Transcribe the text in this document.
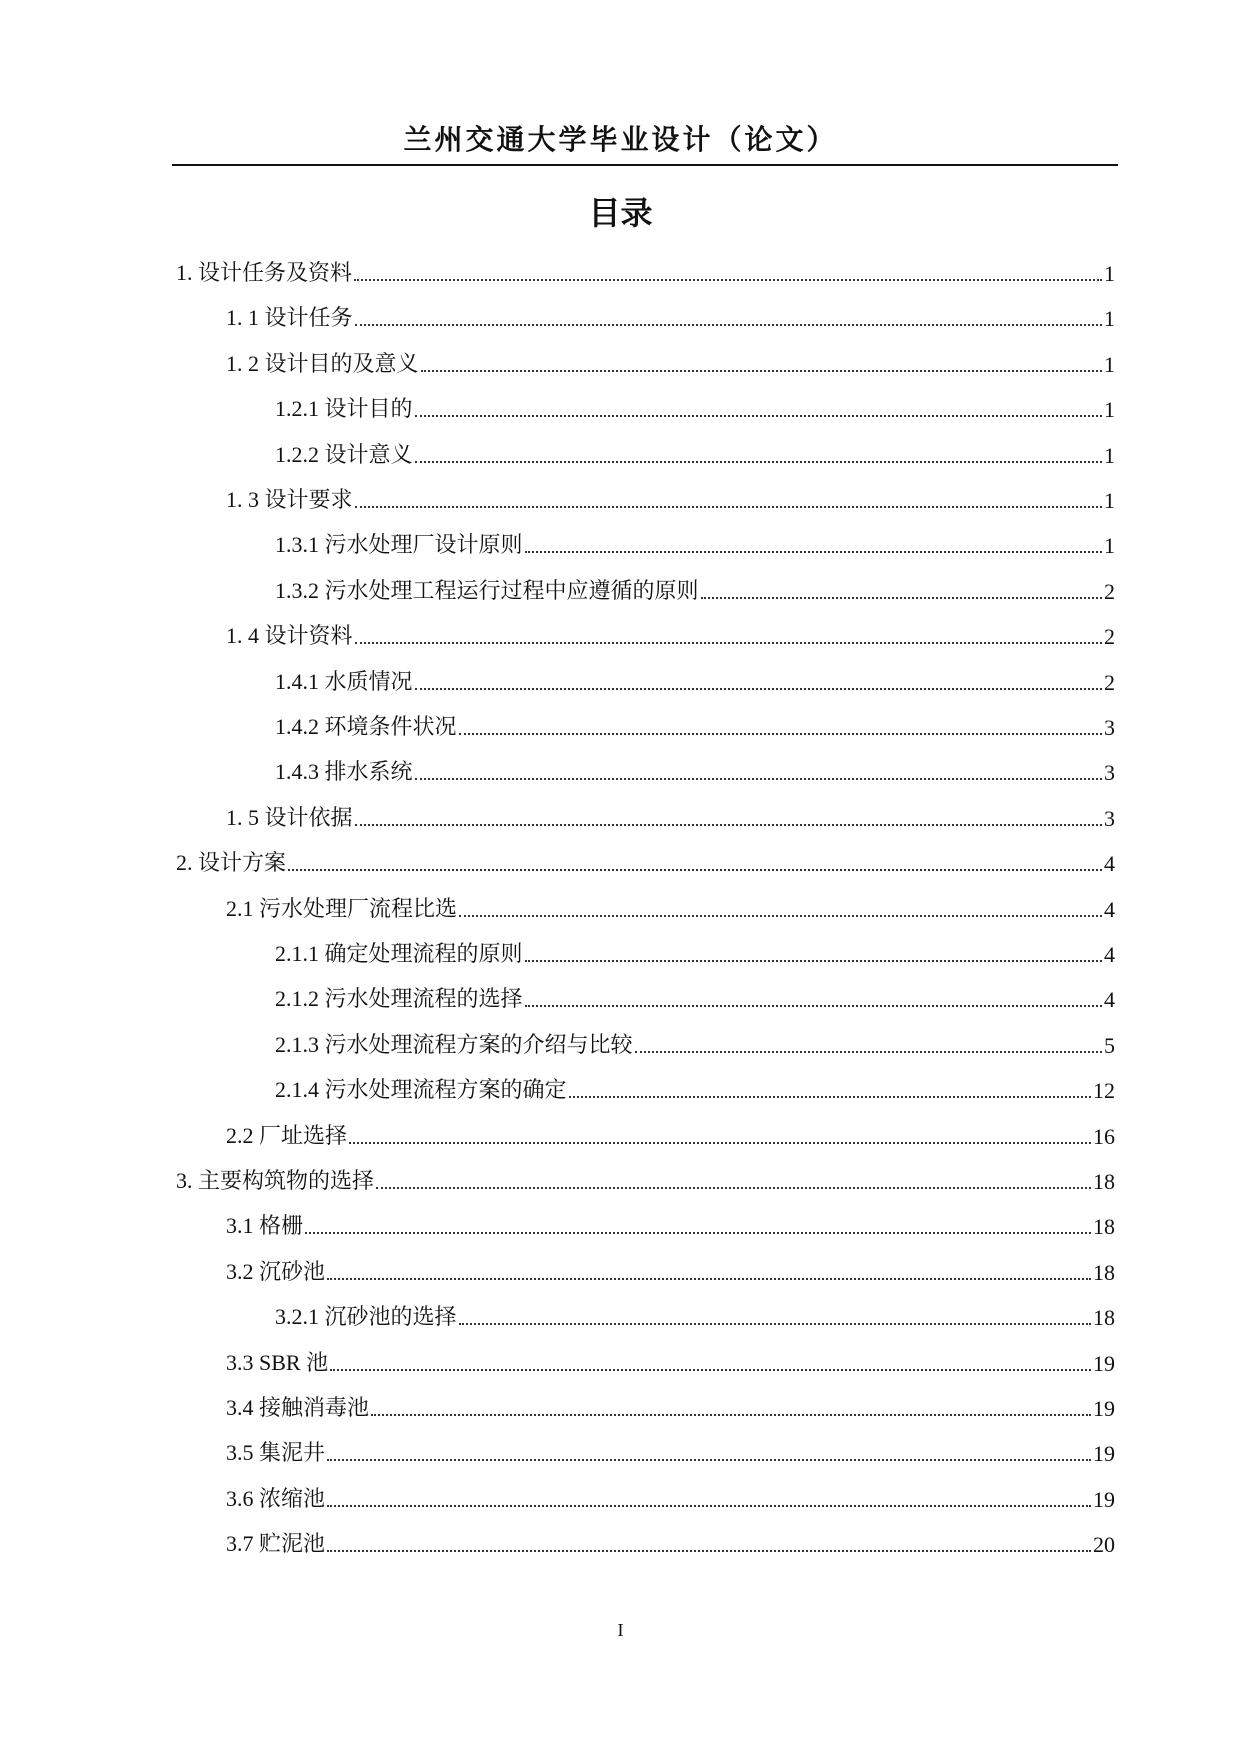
兰州交通大学毕业设计（论文）
目录
1. 设计任务及资料	1
1. 1 设计任务	1
1. 2 设计目的及意义	1
1.2.1 设计目的	1
1.2.2 设计意义	1
1. 3 设计要求	1
1.3.1 污水处理厂设计原则	1
1.3.2 污水处理工程运行过程中应遵循的原则	2
1. 4 设计资料	2
1.4.1 水质情况	2
1.4.2 环境条件状况	3
1.4.3 排水系统	3
1. 5 设计依据	3
2. 设计方案	4
2.1 污水处理厂流程比选	4
2.1.1 确定处理流程的原则	4
2.1.2 污水处理流程的选择	4
2.1.3 污水处理流程方案的介绍与比较	5
2.1.4 污水处理流程方案的确定	12
2.2 厂址选择	16
3. 主要构筑物的选择	18
3.1 格栅	18
3.2 沉砂池	18
3.2.1 沉砂池的选择	18
3.3 SBR 池	19
3.4 接触消毒池	19
3.5 集泥井	19
3.6 浓缩池	19
3.7 贮泥池	20
I
